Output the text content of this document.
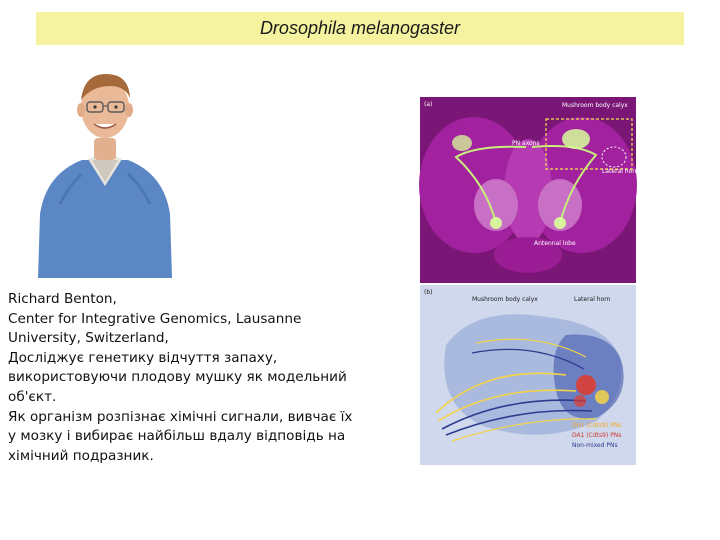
Drosophila melanogaster
Richard Benton,
Center for Integrative Genomics, Lausanne
University, Switzerland,
Досліджує генетику відчуття запаху,
використовуючи плодову мушку як модельний
об'єкт.
Як організм розпізнає хімічні сигнали, вивчає їх
у мозку і вибирає найбільш вдалу відповідь на
хімічний подразник.
(a)	Mushroom body calyx
PN axons
Lateral horn
Antennal lobe
(b)
Mushroom body calyx	Lateral horn
DA1 (Cdts9) PNs
DA1 (Cdts9) PNs
Non-mixed PNs
